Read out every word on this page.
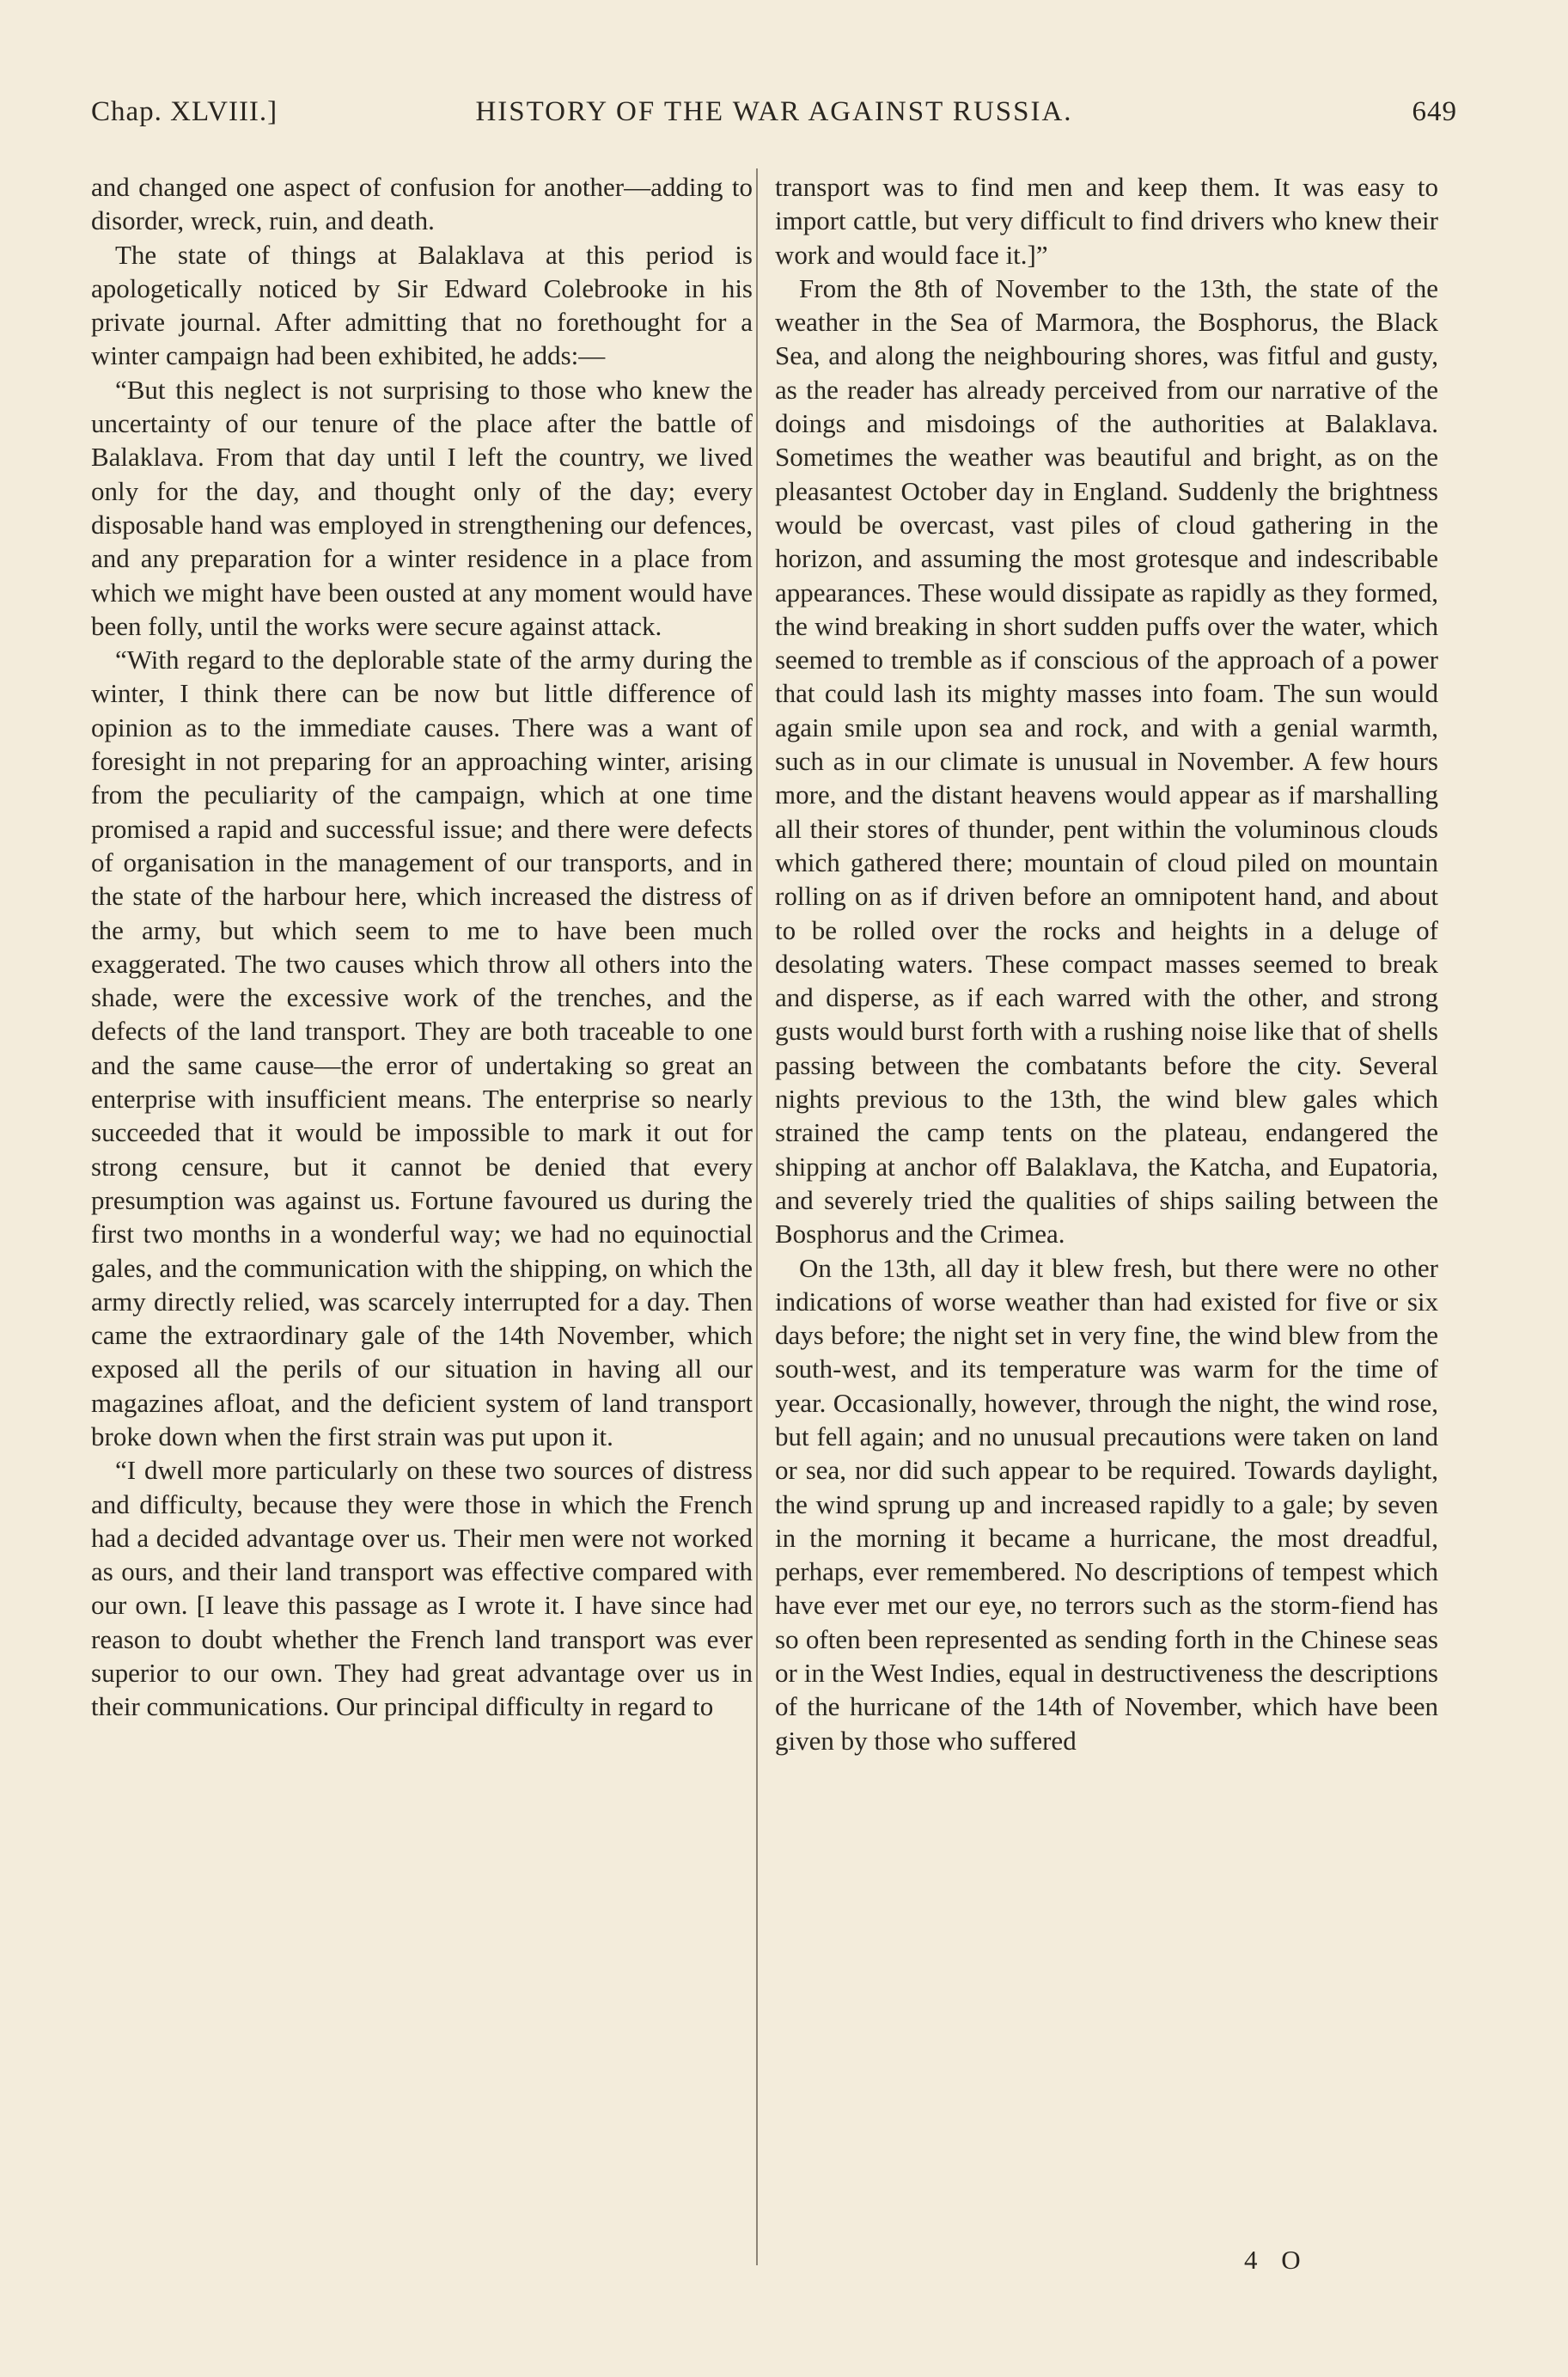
Chap. XLVIII.]	HISTORY OF THE WAR AGAINST RUSSIA.	649

and changed one aspect of confusion for another—adding to disorder, wreck, ruin, and death.

The state of things at Balaklava at this period is apologetically noticed by Sir Edward Colebrooke in his private journal. After admitting that no forethought for a winter campaign had been exhibited, he adds:—

“But this neglect is not surprising to those who knew the uncertainty of our tenure of the place after the battle of Balaklava. From that day until I left the country, we lived only for the day, and thought only of the day; every disposable hand was employed in strengthening our defences, and any preparation for a winter residence in a place from which we might have been ousted at any moment would have been folly, until the works were secure against attack.

“With regard to the deplorable state of the army during the winter, I think there can be now but little difference of opinion as to the immediate causes. There was a want of foresight in not preparing for an approaching winter, arising from the peculiarity of the campaign, which at one time promised a rapid and successful issue; and there were defects of organisation in the management of our transports, and in the state of the harbour here, which increased the distress of the army, but which seem to me to have been much exaggerated. The two causes which throw all others into the shade, were the excessive work of the trenches, and the defects of the land transport. They are both traceable to one and the same cause—the error of undertaking so great an enterprise with insufficient means. The enterprise so nearly succeeded that it would be impossible to mark it out for strong censure, but it cannot be denied that every presumption was against us. Fortune favoured us during the first two months in a wonderful way; we had no equinoctial gales, and the communication with the shipping, on which the army directly relied, was scarcely interrupted for a day. Then came the extraordinary gale of the 14th November, which exposed all the perils of our situation in having all our magazines afloat, and the deficient system of land transport broke down when the first strain was put upon it.

“I dwell more particularly on these two sources of distress and difficulty, because they were those in which the French had a decided advantage over us. Their men were not worked as ours, and their land transport was effective compared with our own. [I leave this passage as I wrote it. I have since had reason to doubt whether the French land transport was ever superior to our own. They had great advantage over us in their communications. Our principal difficulty in regard to

transport was to find men and keep them. It was easy to import cattle, but very difficult to find drivers who knew their work and would face it.]”

From the 8th of November to the 13th, the state of the weather in the Sea of Marmora, the Bosphorus, the Black Sea, and along the neighbouring shores, was fitful and gusty, as the reader has already perceived from our narrative of the doings and misdoings of the authorities at Balaklava. Sometimes the weather was beautiful and bright, as on the pleasantest October day in England. Suddenly the brightness would be overcast, vast piles of cloud gathering in the horizon, and assuming the most grotesque and indescribable appearances. These would dissipate as rapidly as they formed, the wind breaking in short sudden puffs over the water, which seemed to tremble as if conscious of the approach of a power that could lash its mighty masses into foam. The sun would again smile upon sea and rock, and with a genial warmth, such as in our climate is unusual in November. A few hours more, and the distant heavens would appear as if marshalling all their stores of thunder, pent within the voluminous clouds which gathered there; mountain of cloud piled on mountain rolling on as if driven before an omnipotent hand, and about to be rolled over the rocks and heights in a deluge of desolating waters. These compact masses seemed to break and disperse, as if each warred with the other, and strong gusts would burst forth with a rushing noise like that of shells passing between the combatants before the city. Several nights previous to the 13th, the wind blew gales which strained the camp tents on the plateau, endangered the shipping at anchor off Balaklava, the Katcha, and Eupatoria, and severely tried the qualities of ships sailing between the Bosphorus and the Crimea.

On the 13th, all day it blew fresh, but there were no other indications of worse weather than had existed for five or six days before; the night set in very fine, the wind blew from the south-west, and its temperature was warm for the time of year. Occasionally, however, through the night, the wind rose, but fell again; and no unusual precautions were taken on land or sea, nor did such appear to be required. Towards daylight, the wind sprung up and increased rapidly to a gale; by seven in the morning it became a hurricane, the most dreadful, perhaps, ever remembered. No descriptions of tempest which have ever met our eye, no terrors such as the storm-fiend has so often been represented as sending forth in the Chinese seas or in the West Indies, equal in destructiveness the descriptions of the hurricane of the 14th of November, which have been given by those who suffered

4 O
